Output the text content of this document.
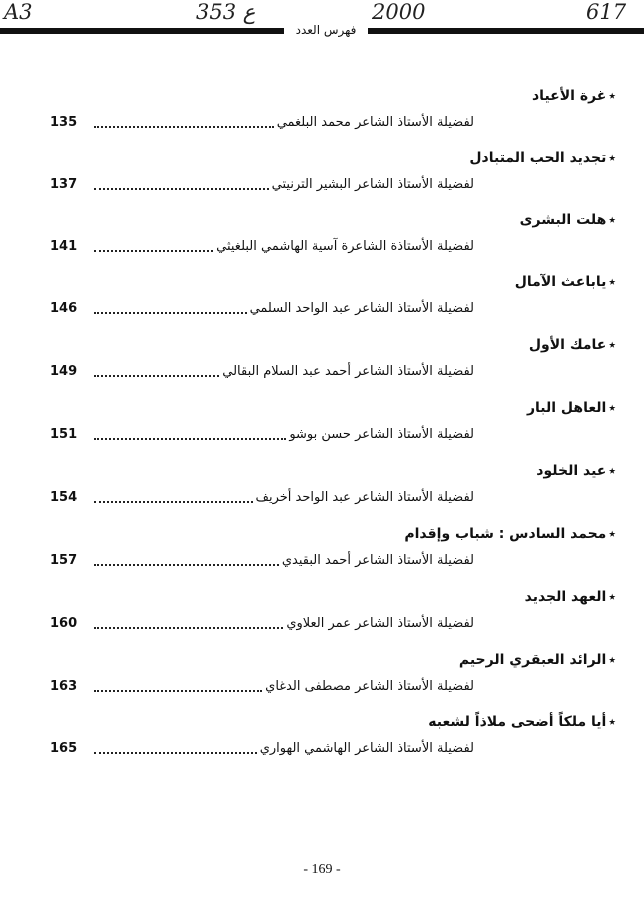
A3	353 ع	2000	617
فهرس العدد
٭غرة الأعياد
لفضيلة الأستاذ الشاعر محمد البلغمي
135
٭تجديد الحب المتبادل
لفضيلة الأستاذ الشاعر البشير الترنيتي
137
٭هلت البشرى
لفضيلة الأستاذة الشاعرة آسية الهاشمي البلغيثي
141
٭ياباعث الآمال
لفضيلة الأستاذ الشاعر عبد الواحد السلمي
146
٭عامك الأول
لفضيلة الأستاذ الشاعر أحمد عبد السلام البقالي
149
٭العاهل البار
لفضيلة الأستاذ الشاعر حسن بوشو
151
٭عيد الخلود
لفضيلة الأستاذ الشاعر عبد الواحد أخريف
154
٭محمد السادس : شباب وإقدام
لفضيلة الأستاذ الشاعر أحمد البقيدي
157
٭العهد الجديد
لفضيلة الأستاذ الشاعر عمر العلاوي
160
٭الرائد العبقري الرحيم
لفضيلة الأستاذ الشاعر مصطفى الدغاي
163
٭أيا ملكاً أضحى ملاذاً لشعبه
لفضيلة الأستاذ الشاعر الهاشمي الهواري
165
- 169 -
